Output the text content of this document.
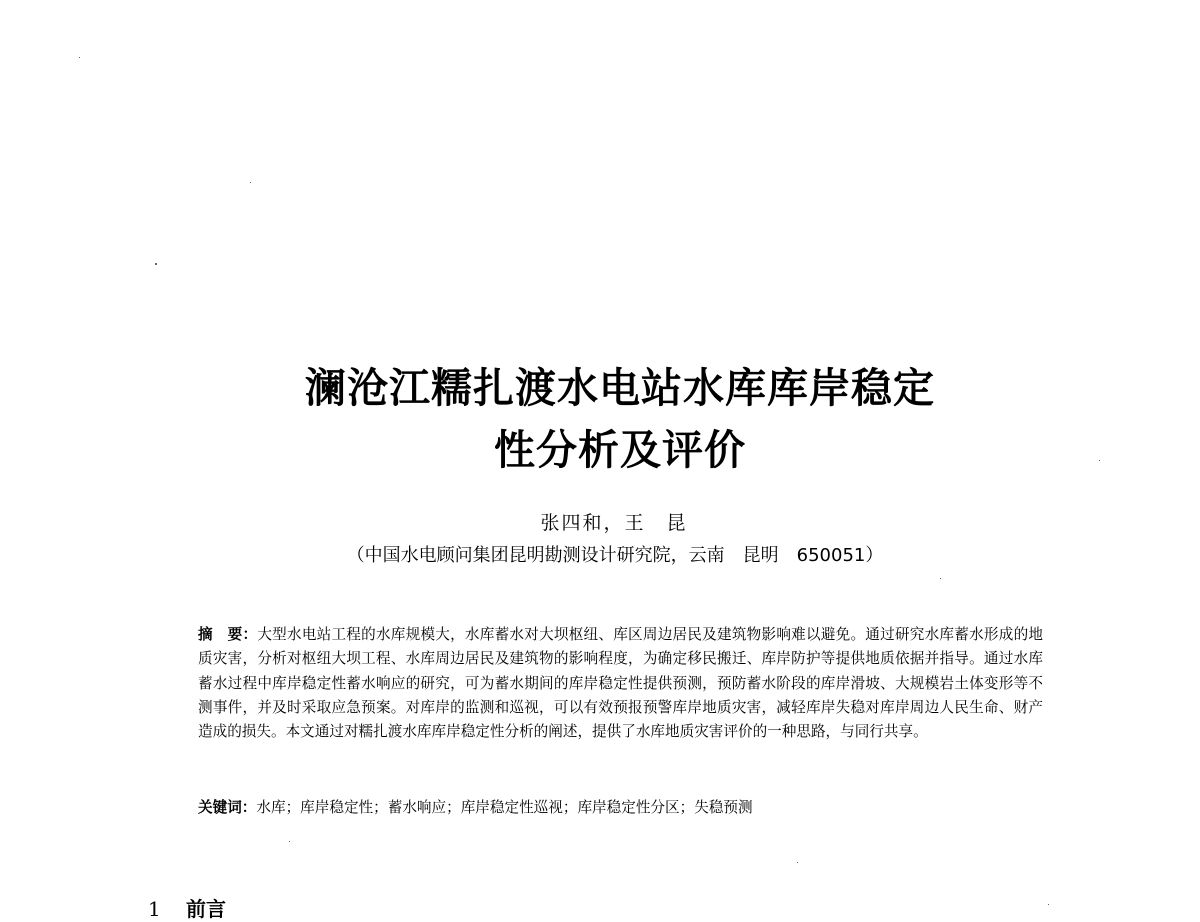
澜沧江糯扎渡水电站水库库岸稳定
性分析及评价
张四和，王　昆
（中国水电顾问集团昆明勘测设计研究院，云南　昆明　650051）
摘　要：大型水电站工程的水库规模大，水库蓄水对大坝枢纽、库区周边居民及建筑物影响难以避免。通过研究水库蓄水形成的地质灾害，分析对枢纽大坝工程、水库周边居民及建筑物的影响程度，为确定移民搬迁、库岸防护等提供地质依据并指导。通过水库蓄水过程中库岸稳定性蓄水响应的研究，可为蓄水期间的库岸稳定性提供预测，预防蓄水阶段的库岸滑坡、大规模岩土体变形等不测事件，并及时采取应急预案。对库岸的监测和巡视，可以有效预报预警库岸地质灾害，减轻库岸失稳对库岸周边人民生命、财产造成的损失。本文通过对糯扎渡水库库岸稳定性分析的阐述，提供了水库地质灾害评价的一种思路，与同行共享。
关键词：水库；库岸稳定性；蓄水响应；库岸稳定性巡视；库岸稳定性分区；失稳预测
1 前言
